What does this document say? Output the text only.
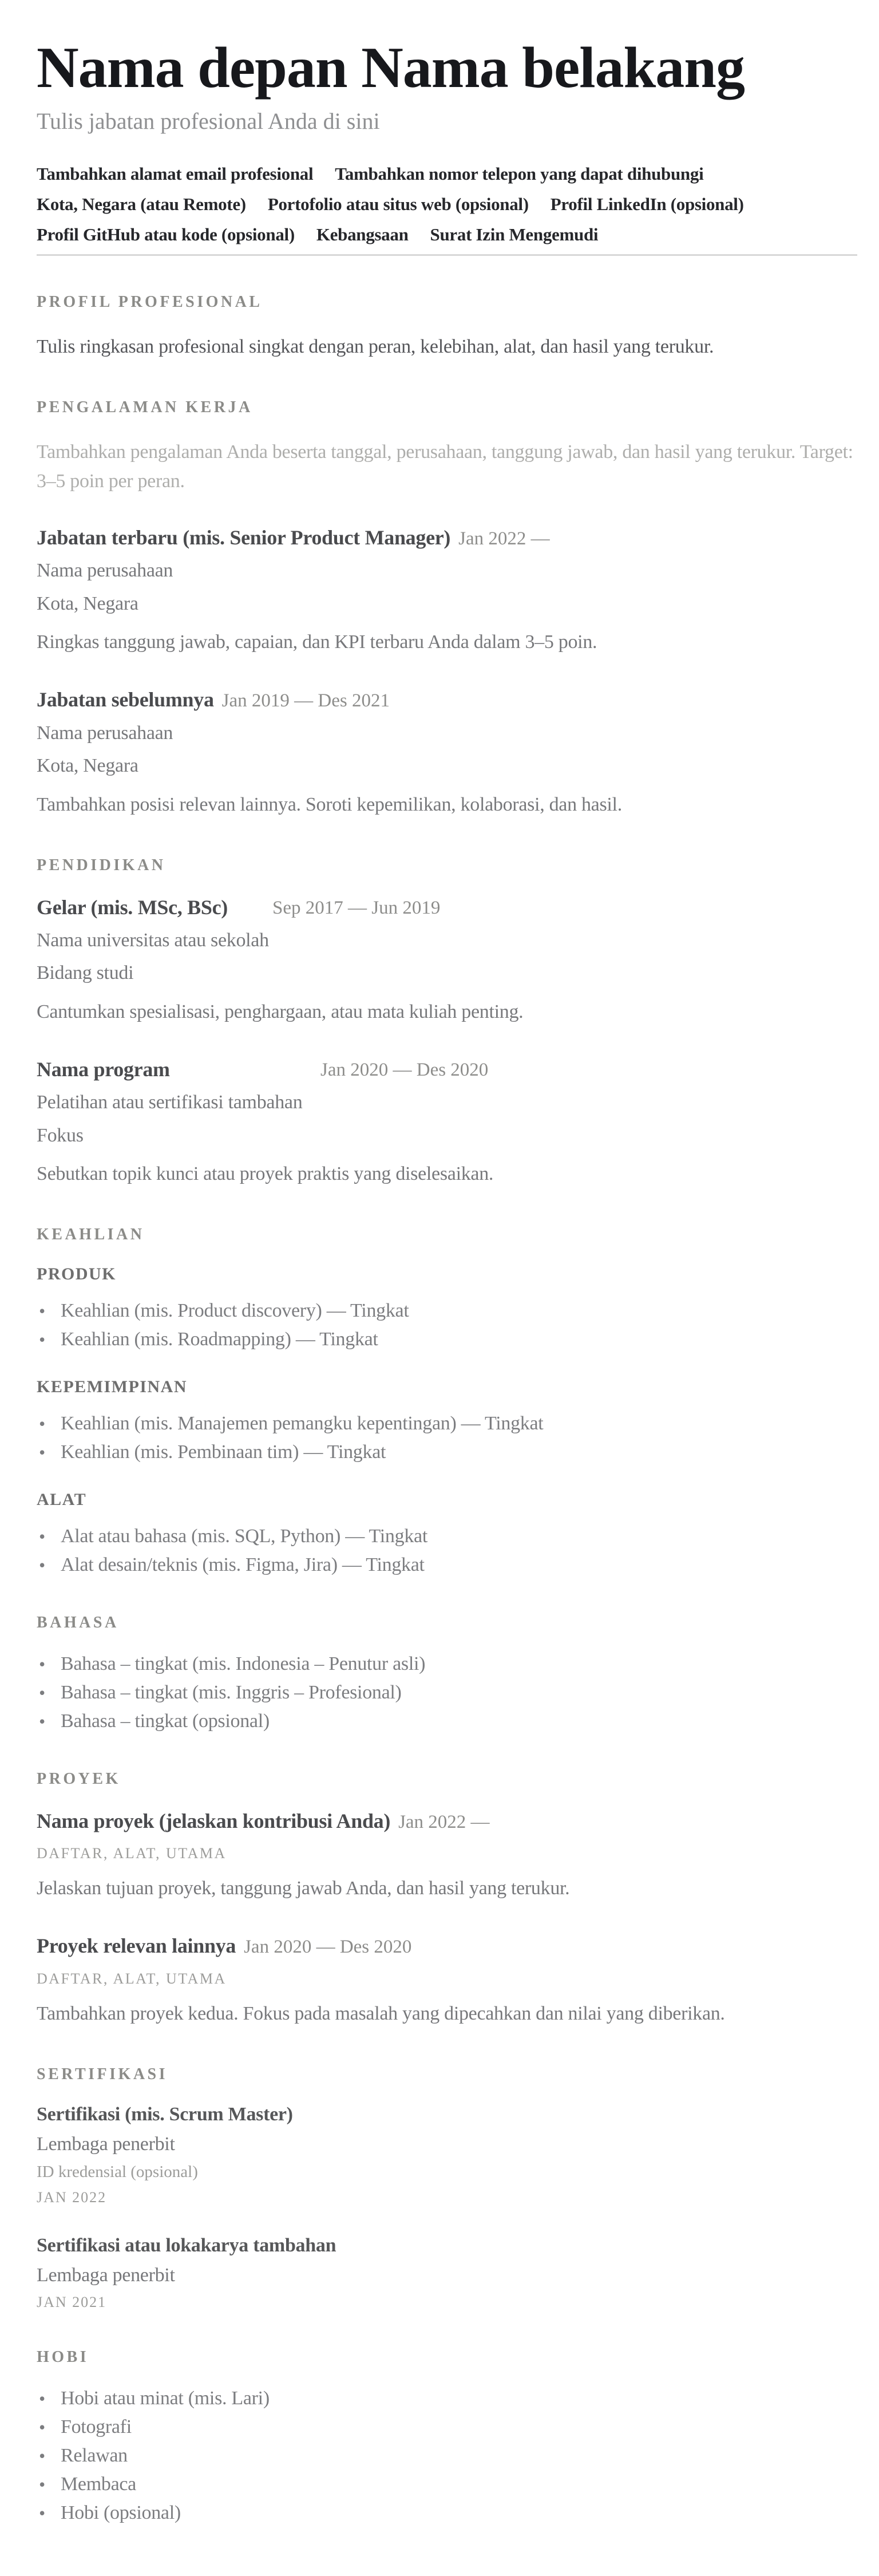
Nama depan Nama belakang

Tulis jabatan profesional Anda di sini

Tambahkan alamat email profesional Tambahkan nomor telepon yang dapat dihubungi
Kota, Negara (atau Remote) Portofolio atau situs web (opsional) Profil LinkedIn (opsional)
Profil GitHub atau kode (opsional) Kebangsaan Surat Izin Mengemudi
PROFIL PROFESIONAL

Tulis ringkasan profesional singkat dengan peran, kelebihan, alat, dan hasil yang terukur.

PENGALAMAN KERJA

Tambahkan pengalaman Anda beserta tanggal, perusahaan, tanggung jawab, dan hasil yang terukur. Target: 3–5 poin per peran.

Jabatan terbaru (mis. Senior Product Manager) Jan 2022 —
Nama perusahaan
Kota, Negara
Ringkas tanggung jawab, capaian, dan KPI terbaru Anda dalam 3–5 poin.
Jabatan sebelumnya Jan 2019 — Des 2021
Nama perusahaan
Kota, Negara
Tambahkan posisi relevan lainnya. Soroti kepemilikan, kolaborasi, dan hasil.
PENDIDIKAN
Gelar (mis. MSc, BSc) Sep 2017 — Jun 2019
Nama universitas atau sekolah
Bidang studi
Cantumkan spesialisasi, penghargaan, atau mata kuliah penting.
Nama program	Jan 2020 — Des 2020
Pelatihan atau sertifikasi tambahan
Fokus
Sebutkan topik kunci atau proyek praktis yang diselesaikan.
KEAHLIAN
PRODUK
• Keahlian (mis. Product discovery) — Tingkat
• Keahlian (mis. Roadmapping) — Tingkat
KEPEMIMPINAN
• Keahlian (mis. Manajemen pemangku kepentingan) — Tingkat
• Keahlian (mis. Pembinaan tim) — Tingkat
ALAT
• Alat atau bahasa (mis. SQL, Python) — Tingkat
• Alat desain/teknis (mis. Figma, Jira) — Tingkat
BAHASA
• Bahasa – tingkat (mis. Indonesia – Penutur asli)
• Bahasa – tingkat (mis. Inggris – Profesional)
• Bahasa – tingkat (opsional)
PROYEK
Nama proyek (jelaskan kontribusi Anda) Jan 2022 —
DAFTAR, ALAT, UTAMA
Jelaskan tujuan proyek, tanggung jawab Anda, dan hasil yang terukur.
Proyek relevan lainnya Jan 2020 — Des 2020
DAFTAR, ALAT, UTAMA
Tambahkan proyek kedua. Fokus pada masalah yang dipecahkan dan nilai yang diberikan.
SERTIFIKASI
Sertifikasi (mis. Scrum Master)
Lembaga penerbit
ID kredensial (opsional)
JAN 2022
Sertifikasi atau lokakarya tambahan
Lembaga penerbit
JAN 2021
HOBI
• Hobi atau minat (mis. Lari)
• Fotografi
• Relawan
• Membaca
• Hobi (opsional)
